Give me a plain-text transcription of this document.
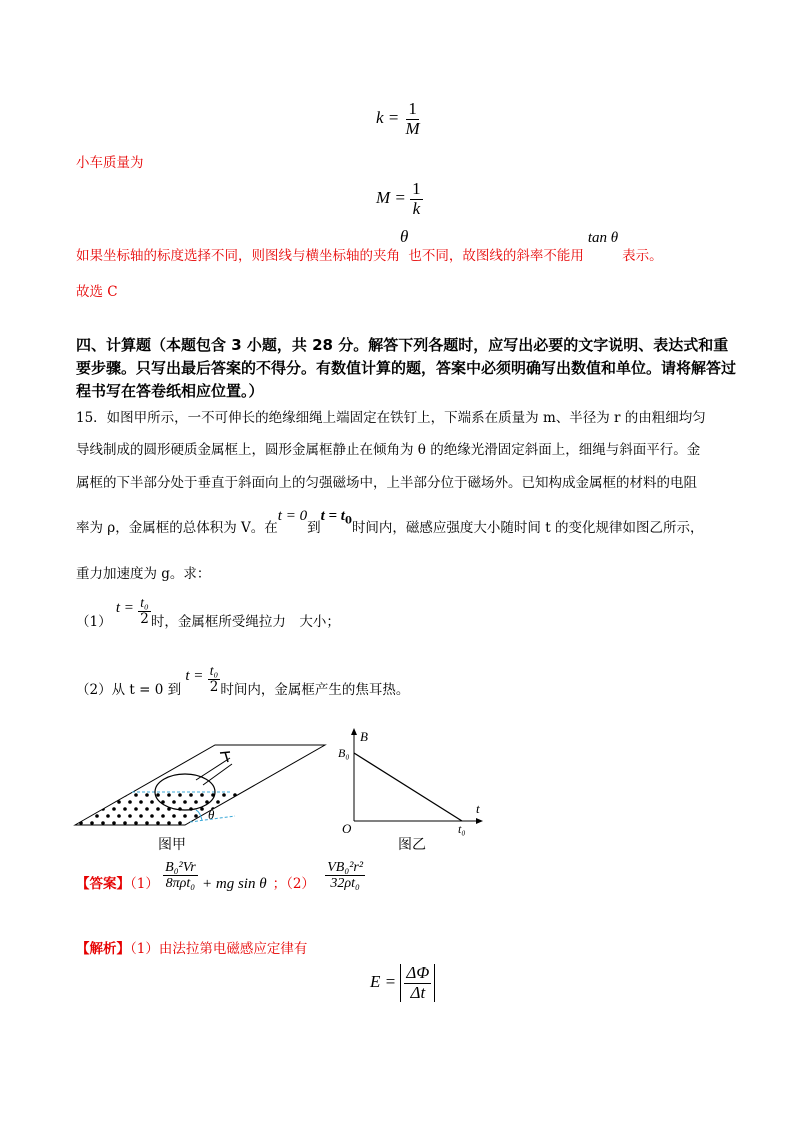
$k = \frac{1}{M}$
小车质量为
$M = \frac{1}{k}$
如果坐标轴的标度选择不同，则图线与横坐标轴的夹角θ也不同，故图线的斜率不能用tan θ表示。
故选 C
四、计算题（本题包含 3 小题，共 28 分。解答下列各题时，应写出必要的文字说明、表达式和重要步骤。只写出最后答案的不得分。有数值计算的题，答案中必须明确写出数值和单位。请将解答过程书写在答卷纸相应位置。）
15．如图甲所示，一不可伸长的绝缘细绳上端固定在铁钉上，下端系在质量为 m、半径为 r 的由粗细均匀
导线制成的圆形硬质金属框上，圆形金属框静止在倾角为 θ 的绝缘光滑固定斜面上，细绳与斜面平行。金
属框的下半部分处于垂直于斜面向上的匀强磁场中，上半部分位于磁场外。已知构成金属框的材料的电阻
率为 ρ，金属框的总体积为 V。在t = 0到$t = t_0$时间内，磁感应强度大小随时间 t 的变化规律如图乙所示，
重力加速度为 g。求：
（1） $t = \frac{\text{t₀}}{2}$ 时，金属框所受绳拉力　大小；
（2）从 t = 0 到 $t = \frac{\text{t₀}}{2}$ 时间内，金属框产生的焦耳热。
θ
图甲
B
B₀
t
O	t₀
图乙
【答案】$(1) \frac{\text{B₀²Vr}}{\text{8πρt₀}}$ + mg sin θ ；$(2) \frac{\text{VB₀²r²}}{\text{32ρt₀}}$
【解析】（1）由法拉第电磁感应定律有
$E = \frac{\Delta\Phi}{\Delta t}$
